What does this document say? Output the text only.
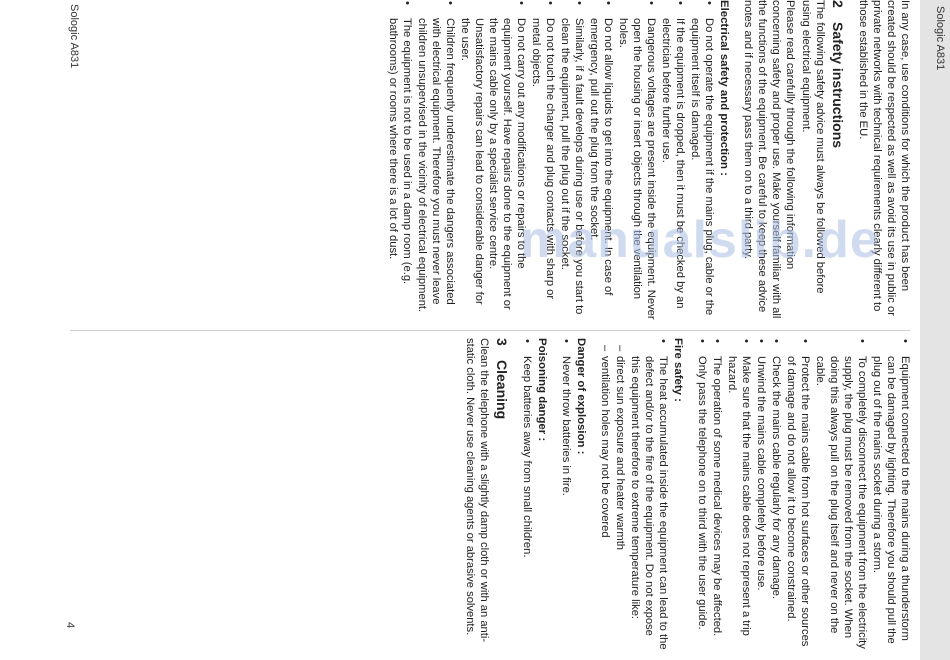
Sologic A831

In any case, use conditions for which the product has been created should be respected as well as avoid its use in public or private networks with technical requirements clearly different to those established in the EU.

2Safety instructions

The following safety advice must always be followed before using electrical equipment.

Please read carefully through the following information concerning safety and proper use. Make yourself familiar with all the functions of the equipment. Be careful to keep these advice notes and if necessary pass them on to a third party.

Electrical safety and protection :
• Do not operate the equipment if the mains plug, cable or the equipment itself is damaged.
• If the equipment is dropped, then it must be checked by an electrician before further use.
• Dangerous voltages are present inside the equipment. Never open the housing or insert objects through the ventilation holes.
• Do not allow liquids to get into the equipment. In case of emergency, pull out the plug from the socket.
• Similarly, if a fault develops during use or before you start to clean the equipment, pull the plug out if the socket.
• Do not touch the charger and plug contacts with sharp or metal objects.
• Do not carry out any modifications or repairs to the equipment yourself. Have repairs done to the equipment or the mains cable only by a specialist service centre. Unsatisfactory repairs can lead to considerable danger for the user.
• Children frequently underestimate the dangers associated with electrical equipment. Therefore you must never leave children unsupervised in the vicinity of electrical equipment.
• The equipment is not to be used in a damp room (e.g. bathrooms) or rooms where there is a lot of dust.
• Equipment connected to the mains during a thunderstorm can be damaged by lighting. Therefore you should pull the plug out of the mains socket during a storm.
• To completely disconnect the equipment from the electricity supply, the plug must be removed from the socket. When doing this always pull on the plug itself and never on the cable.
• Protect the mains cable from hot surfaces or other sources of damage and do not allow it to become constrained.
• Check the mains cable regularly for any damage.
• Unwind the mains cable completely before use.
• Make sure that the mains cable does not represent a trip hazard.
• The operation of some medical devices may be affected.
• Only pass the telephone on to third with the user guide.
Fire safety :
• The heat accumulated inside the equipment can lead to the defect and/or to the fire of the equipment. Do not expose this equipment therefore to extreme temperature like:
– direct sun exposure and heater warmth
– ventilation holes may not be covered
Danger of explosion :
• Never throw batteries in fire.
Poisoning danger :
• Keep batteries away from small children.
3Cleaning

Clean the telephone with a slightly damp cloth or with an anti-static cloth. Never use cleaning agents or abrasive solvents.

manualslib.de
Sologic A831
4
